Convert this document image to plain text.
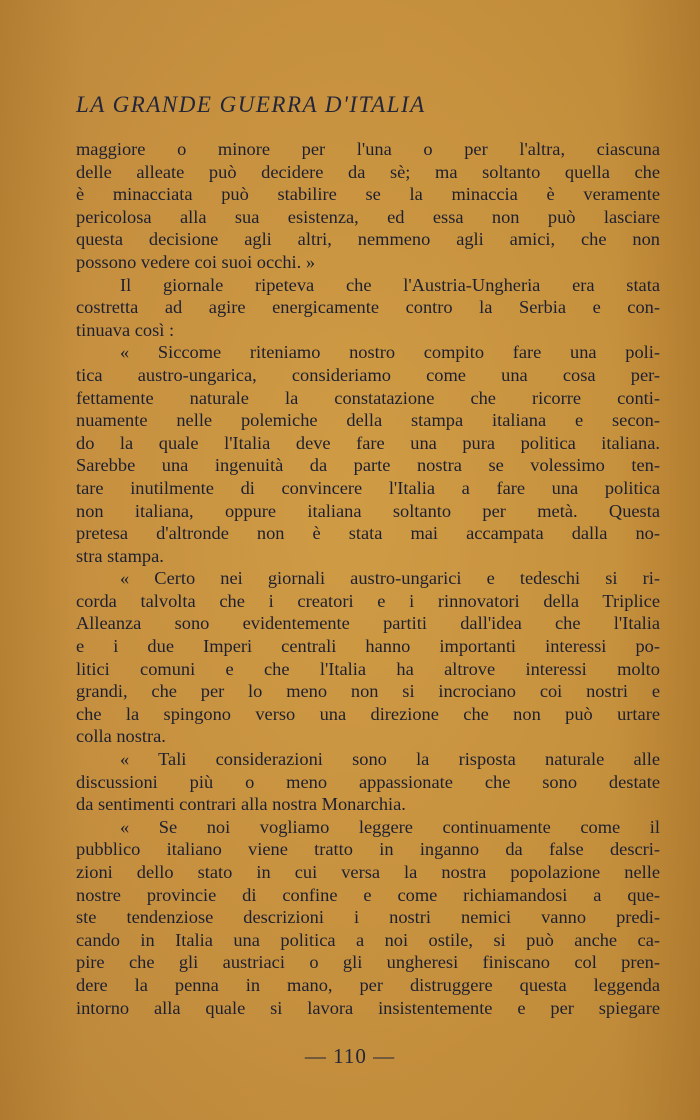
LA GRANDE GUERRA D'ITALIA
maggiore o minore per l'una o per l'altra, ciascuna
delle alleate può decidere da sè; ma soltanto quella che
è minacciata può stabilire se la minaccia è veramente
pericolosa alla sua esistenza, ed essa non può lasciare
questa decisione agli altri, nemmeno agli amici, che non
possono vedere coi suoi occhi. »
Il giornale ripeteva che l'Austria-Ungheria era stata
costretta ad agire energicamente contro la Serbia e con-
tinuava così :
« Siccome riteniamo nostro compito fare una poli-
tica austro-ungarica, consideriamo come una cosa per-
fettamente naturale la constatazione che ricorre conti-
nuamente nelle polemiche della stampa italiana e secon-
do la quale l'Italia deve fare una pura politica italiana.
Sarebbe una ingenuità da parte nostra se volessimo ten-
tare inutilmente di convincere l'Italia a fare una politica
non italiana, oppure italiana soltanto per metà. Questa
pretesa d'altronde non è stata mai accampata dalla no-
stra stampa.
« Certo nei giornali austro-ungarici e tedeschi si ri-
corda talvolta che i creatori e i rinnovatori della Triplice
Alleanza sono evidentemente partiti dall'idea che l'Italia
e i due Imperi centrali hanno importanti interessi po-
litici comuni e che l'Italia ha altrove interessi molto
grandi, che per lo meno non si incrociano coi nostri e
che la spingono verso una direzione che non può urtare
colla nostra.
« Tali considerazioni sono la risposta naturale alle
discussioni più o meno appassionate che sono destate
da sentimenti contrari alla nostra Monarchia.
« Se noi vogliamo leggere continuamente come il
pubblico italiano viene tratto in inganno da false descri-
zioni dello stato in cui versa la nostra popolazione nelle
nostre provincie di confine e come richiamandosi a que-
ste tendenziose descrizioni i nostri nemici vanno predi-
cando in Italia una politica a noi ostile, si può anche ca-
pire che gli austriaci o gli ungheresi finiscano col pren-
dere la penna in mano, per distruggere questa leggenda
intorno alla quale si lavora insistentemente e per spiegare
— 110 —
